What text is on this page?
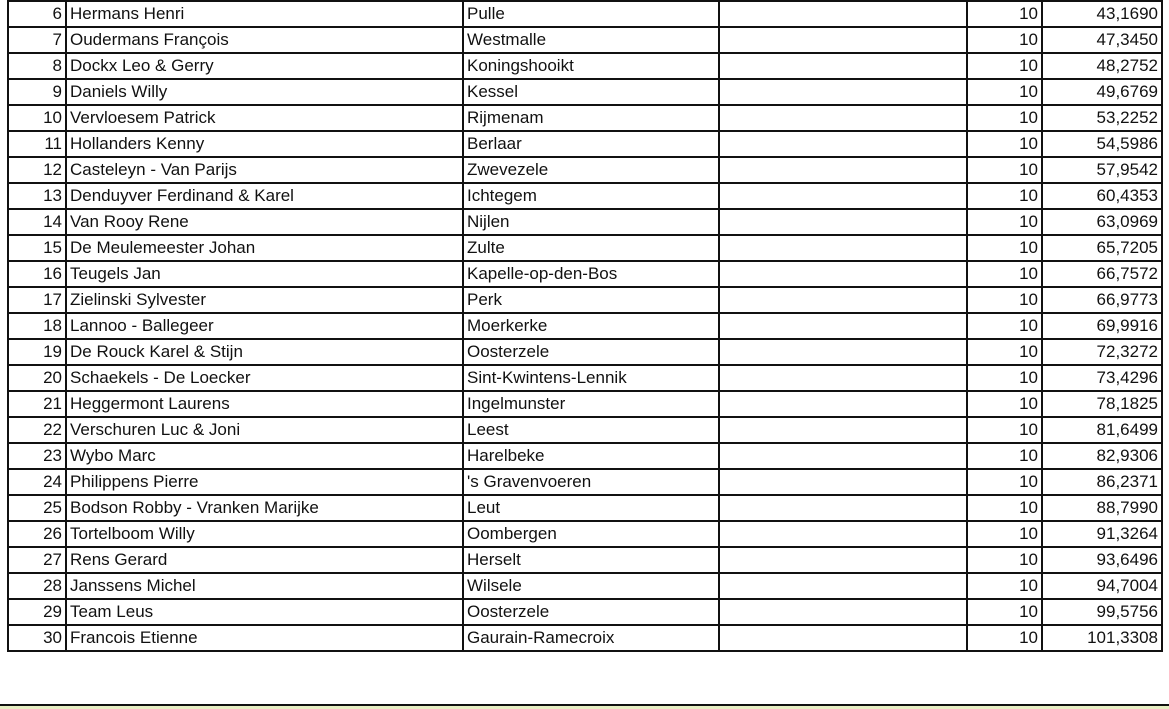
6	Hermans Henri	Pulle		10	43,1690
7	Oudermans François	Westmalle		10	47,3450
8	Dockx Leo & Gerry	Koningshooikt		10	48,2752
9	Daniels Willy	Kessel		10	49,6769
10	Vervloesem Patrick	Rijmenam		10	53,2252
11	Hollanders Kenny	Berlaar		10	54,5986
12	Casteleyn - Van Parijs	Zwevezele		10	57,9542
13	Denduyver Ferdinand & Karel	Ichtegem		10	60,4353
14	Van Rooy Rene	Nijlen		10	63,0969
15	De Meulemeester Johan	Zulte		10	65,7205
16	Teugels Jan	Kapelle-op-den-Bos		10	66,7572
17	Zielinski Sylvester	Perk		10	66,9773
18	Lannoo - Ballegeer	Moerkerke		10	69,9916
19	De Rouck Karel & Stijn	Oosterzele		10	72,3272
20	Schaekels - De Loecker	Sint-Kwintens-Lennik		10	73,4296
21	Heggermont Laurens	Ingelmunster		10	78,1825
22	Verschuren Luc & Joni	Leest		10	81,6499
23	Wybo Marc	Harelbeke		10	82,9306
24	Philippens Pierre	's Gravenvoeren		10	86,2371
25	Bodson Robby - Vranken Marijke	Leut		10	88,7990
26	Tortelboom Willy	Oombergen		10	91,3264
27	Rens Gerard	Herselt		10	93,6496
28	Janssens Michel	Wilsele		10	94,7004
29	Team Leus	Oosterzele		10	99,5756
30	Francois Etienne	Gaurain-Ramecroix		10	101,3308
